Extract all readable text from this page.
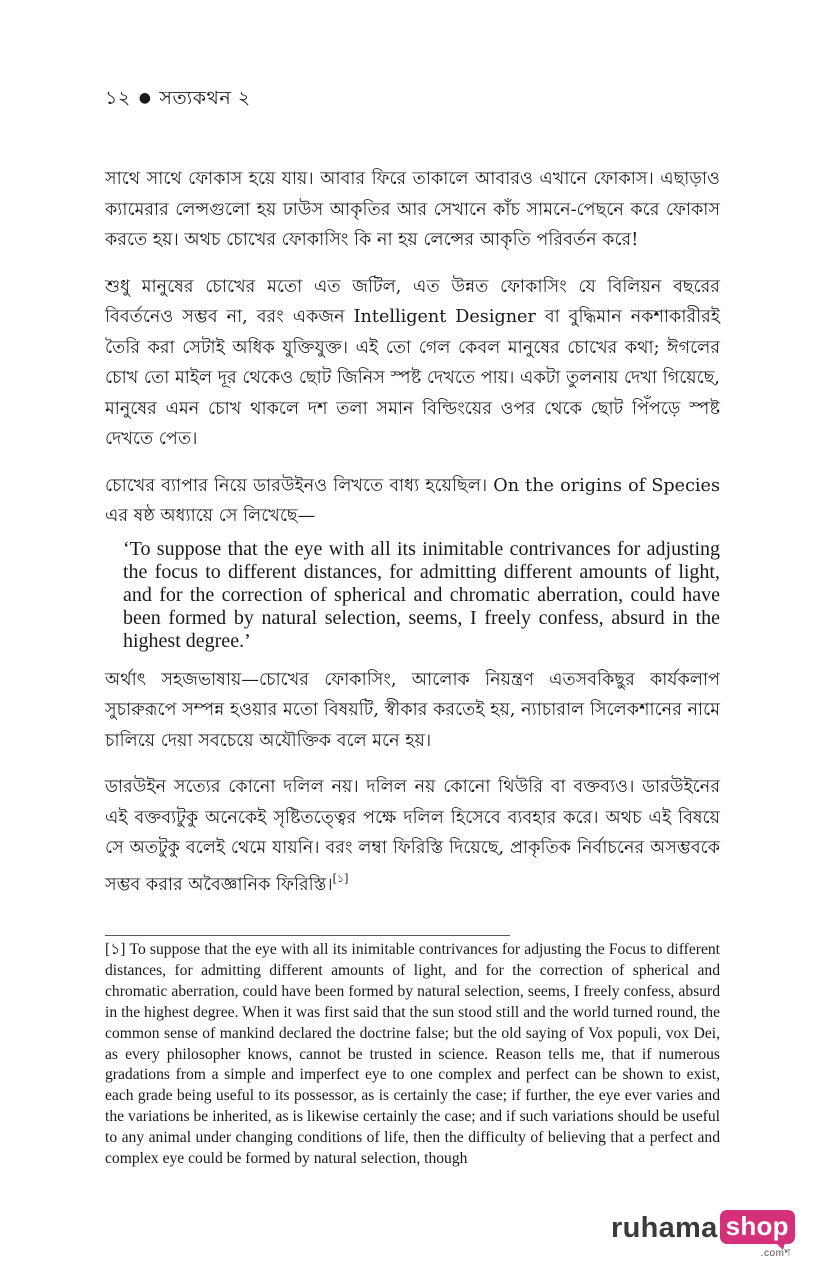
১২ ● সত্যকথন ২

সাথে সাথে ফোকাস হয়ে যায়। আবার ফিরে তাকালে আবারও এখানে ফোকাস। এছাড়াও ক্যামেরার লেন্সগুলো হয় ঢাউস আকৃতির আর সেখানে কাঁচ সামনে-পেছনে করে ফোকাস করতে হয়। অথচ চোখের ফোকাসিং কি না হয় লেন্সের আকৃতি পরিবর্তন করে!

শুধু মানুষের চোখের মতো এত জটিল, এত উন্নত ফোকাসিং যে বিলিয়ন বছরের বিবর্তনেও সম্ভব না, বরং একজন Intelligent Designer বা বুদ্ধিমান নকশাকারীরই তৈরি করা সেটাই অধিক যুক্তিযুক্ত। এই তো গেল কেবল মানুষের চোখের কথা; ঈগলের চোখ তো মাইল দূর থেকেও ছোট জিনিস স্পষ্ট দেখতে পায়। একটা তুলনায় দেখা গিয়েছে, মানুষের এমন চোখ থাকলে দশ তলা সমান বিল্ডিংয়ের ওপর থেকে ছোট পিঁপড়ে স্পষ্ট দেখতে পেত।

চোখের ব্যাপার নিয়ে ডারউইনও লিখতে বাধ্য হয়েছিল। On the origins of Species এর ষষ্ঠ অধ্যায়ে সে লিখেছে—

‘To suppose that the eye with all its inimitable contrivances for adjusting the focus to different distances, for admitting different amounts of light, and for the correction of spherical and chromatic aberration, could have been formed by natural selection, seems, I freely confess, absurd in the highest degree.’

অর্থাৎ সহজভাষায়—চোখের ফোকাসিং, আলোক নিয়ন্ত্রণ এতসবকিছুর কার্যকলাপ সুচারুরূপে সম্পন্ন হওয়ার মতো বিষয়টি, স্বীকার করতেই হয়, ন্যাচারাল সিলেকশানের নামে চালিয়ে দেয়া সবচেয়ে অযৌক্তিক বলে মনে হয়।

ডারউইন সত্যের কোনো দলিল নয়। দলিল নয় কোনো থিউরি বা বক্তব্যও। ডারউইনের এই বক্তব্যটুকু অনেকেই সৃষ্টিতত্ত্বের পক্ষে দলিল হিসেবে ব্যবহার করে। অথচ এই বিষয়ে সে অতটুকু বলেই থেমে যায়নি। বরং লম্বা ফিরিস্তি দিয়েছে, প্রাকৃতিক নির্বাচনের অসম্ভবকে সম্ভব করার অবৈজ্ঞানিক ফিরিস্তি।[১]

[১] To suppose that the eye with all its inimitable contrivances for adjusting the Focus to different distances, for admitting different amounts of light, and for the correction of spherical and chromatic aberration, could have been formed by natural selection, seems, I freely confess, absurd in the highest degree. When it was first said that the sun stood still and the world turned round, the common sense of mankind declared the doctrine false; but the old saying of Vox populi, vox Dei, as every philosopher knows, cannot be trusted in science. Reason tells me, that if numerous gradations from a simple and imperfect eye to one complex and perfect can be shown to exist, each grade being useful to its possessor, as is certainly the case; if further, the eye ever varies and the variations be inherited, as is likewise certainly the case; and if such variations should be useful to any animal under changing conditions of life, then the difficulty of believing that a perfect and complex eye could be formed by natural selection, though

ruhama shop
.comশ
